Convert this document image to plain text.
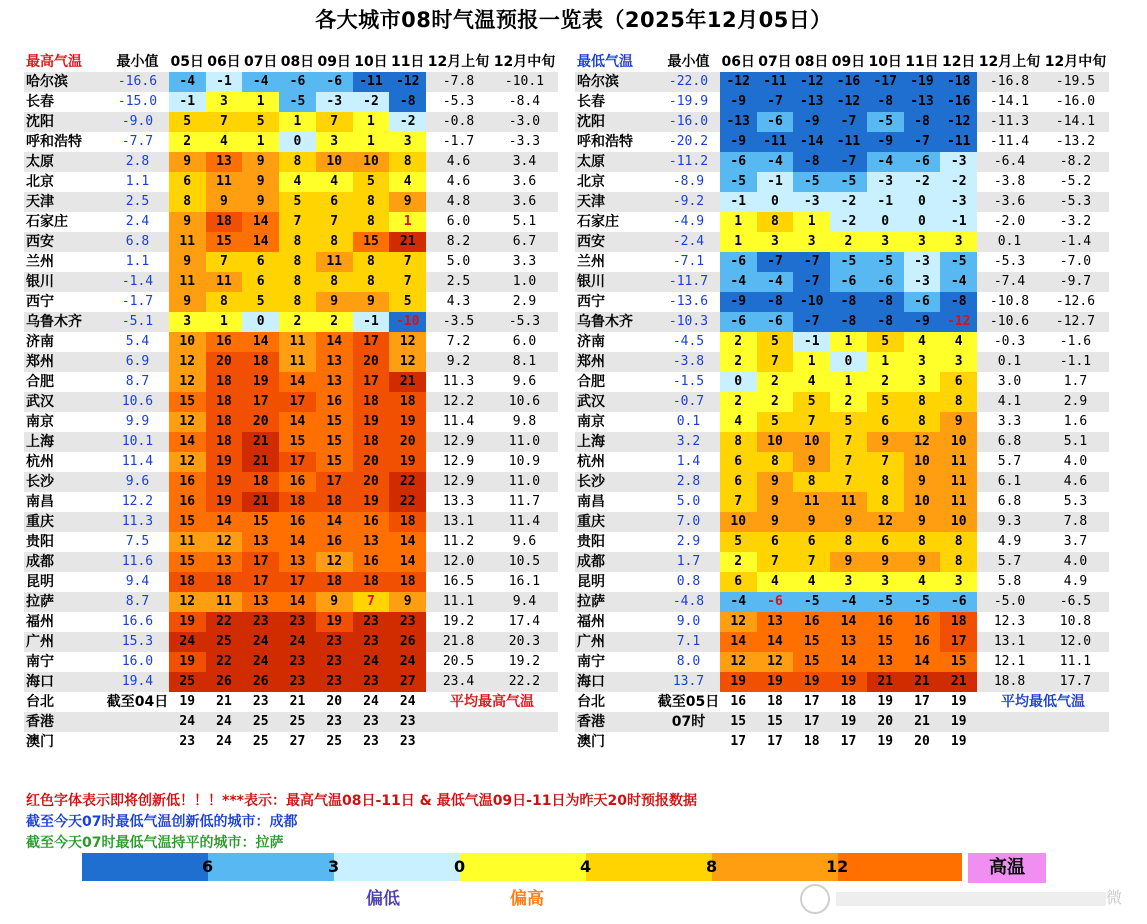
各大城市08时气温预报一览表（2025年12月05日）
最高气温	最小值	05日	06日	07日	08日	09日	10日	11日	12月上旬	12月中旬
哈尔滨	-16.6	-4	-1	-4	-6	-6	-11	-12	-7.8	-10.1
长春	-15.0	-1	3	1	-5	-3	-2	-8	-5.3	-8.4
沈阳	-9.0	5	7	5	1	7	1	-2	-0.8	-3.0
呼和浩特	-7.7	2	4	1	0	3	1	3	-1.7	-3.3
太原	2.8	9	13	9	8	10	10	8	4.6	3.4
北京	1.1	6	11	9	4	4	5	4	4.6	3.6
天津	2.5	8	9	9	5	6	8	9	4.8	3.6
石家庄	2.4	9	18	14	7	7	8	1	6.0	5.1
西安	6.8	11	15	14	8	8	15	21	8.2	6.7
兰州	1.1	9	7	6	8	11	8	7	5.0	3.3
银川	-1.4	11	11	6	8	8	8	7	2.5	1.0
西宁	-1.7	9	8	5	8	9	9	5	4.3	2.9
乌鲁木齐	-5.1	3	1	0	2	2	-1	-10	-3.5	-5.3
济南	5.4	10	16	14	11	14	17	12	7.2	6.0
郑州	6.9	12	20	18	11	13	20	12	9.2	8.1
合肥	8.7	12	18	19	14	13	17	21	11.3	9.6
武汉	10.6	15	18	17	17	16	18	18	12.2	10.6
南京	9.9	12	18	20	14	15	19	19	11.4	9.8
上海	10.1	14	18	21	15	15	18	20	12.9	11.0
杭州	11.4	12	19	21	17	15	20	19	12.9	10.9
长沙	9.6	16	19	18	16	17	20	22	12.9	11.0
南昌	12.2	16	19	21	18	18	19	22	13.3	11.7
重庆	11.3	15	14	15	16	14	16	18	13.1	11.4
贵阳	7.5	11	12	13	14	16	13	14	11.2	9.6
成都	11.6	15	13	17	13	12	16	14	12.0	10.5
昆明	9.4	18	18	17	17	18	18	18	16.5	16.1
拉萨	8.7	12	11	13	14	9	7	9	11.1	9.4
福州	16.6	19	22	23	23	19	23	23	19.2	17.4
广州	15.3	24	25	24	24	23	23	26	21.8	20.3
南宁	16.0	19	22	24	23	23	24	24	20.5	19.2
海口	19.4	25	26	26	23	23	23	27	23.4	22.2
台北	截至04日	19	21	23	21	20	24	24	平均最高气温	
香港		24	24	25	25	23	23	23		
澳门		23	24	25	27	25	23	23		
最低气温	最小值	06日	07日	08日	09日	10日	11日	12日	12月上旬	12月中旬
哈尔滨	-22.0	-12	-11	-12	-16	-17	-19	-18	-16.8	-19.5
长春	-19.9	-9	-7	-13	-12	-8	-13	-16	-14.1	-16.0
沈阳	-16.0	-13	-6	-9	-7	-5	-8	-12	-11.3	-14.1
呼和浩特	-20.2	-9	-11	-14	-11	-9	-7	-11	-11.4	-13.2
太原	-11.2	-6	-4	-8	-7	-4	-6	-3	-6.4	-8.2
北京	-8.9	-5	-1	-5	-5	-3	-2	-2	-3.8	-5.2
天津	-9.2	-1	0	-3	-2	-1	0	-3	-3.6	-5.3
石家庄	-4.9	1	8	1	-2	0	0	-1	-2.0	-3.2
西安	-2.4	1	3	3	2	3	3	3	0.1	-1.4
兰州	-7.1	-6	-7	-7	-5	-5	-3	-5	-5.3	-7.0
银川	-11.7	-4	-4	-7	-6	-6	-3	-4	-7.4	-9.7
西宁	-13.6	-9	-8	-10	-8	-8	-6	-8	-10.8	-12.6
乌鲁木齐	-10.3	-6	-6	-7	-8	-8	-9	-12	-10.6	-12.7
济南	-4.5	2	5	-1	1	5	4	4	-0.3	-1.6
郑州	-3.8	2	7	1	0	1	3	3	0.1	-1.1
合肥	-1.5	0	2	4	1	2	3	6	3.0	1.7
武汉	-0.7	2	2	5	2	5	8	8	4.1	2.9
南京	0.1	4	5	7	5	6	8	9	3.3	1.6
上海	3.2	8	10	10	7	9	12	10	6.8	5.1
杭州	1.4	6	8	9	7	7	10	11	5.7	4.0
长沙	2.8	6	9	8	7	8	9	11	6.1	4.6
南昌	5.0	7	9	11	11	8	10	11	6.8	5.3
重庆	7.0	10	9	9	9	12	9	10	9.3	7.8
贵阳	2.9	5	6	6	8	6	8	8	4.9	3.7
成都	1.7	2	7	7	9	9	9	8	5.7	4.0
昆明	0.8	6	4	4	3	3	4	3	5.8	4.9
拉萨	-4.8	-4	-6	-5	-4	-5	-5	-6	-5.0	-6.5
福州	9.0	12	13	16	14	16	16	18	12.3	10.8
广州	7.1	14	14	15	13	15	16	17	13.1	12.0
南宁	8.0	12	12	15	14	13	14	15	12.1	11.1
海口	13.7	19	19	19	19	21	21	21	18.8	17.7
台北	截至05日	16	18	17	18	19	17	19	平均最低气温	
香港	07时	15	15	17	19	20	21	19		
澳门		17	17	18	17	19	20	19		
红色字体表示即将创新低！！！***表示：最高气温08日-11日 & 最低气温09日-11日为昨天20时预报数据
截至今天07时最低气温创新低的城市：成都
截至今天07时最低气温持平的城市：拉萨
6	3	0	4	8	12	高温
偏低	偏高	微
